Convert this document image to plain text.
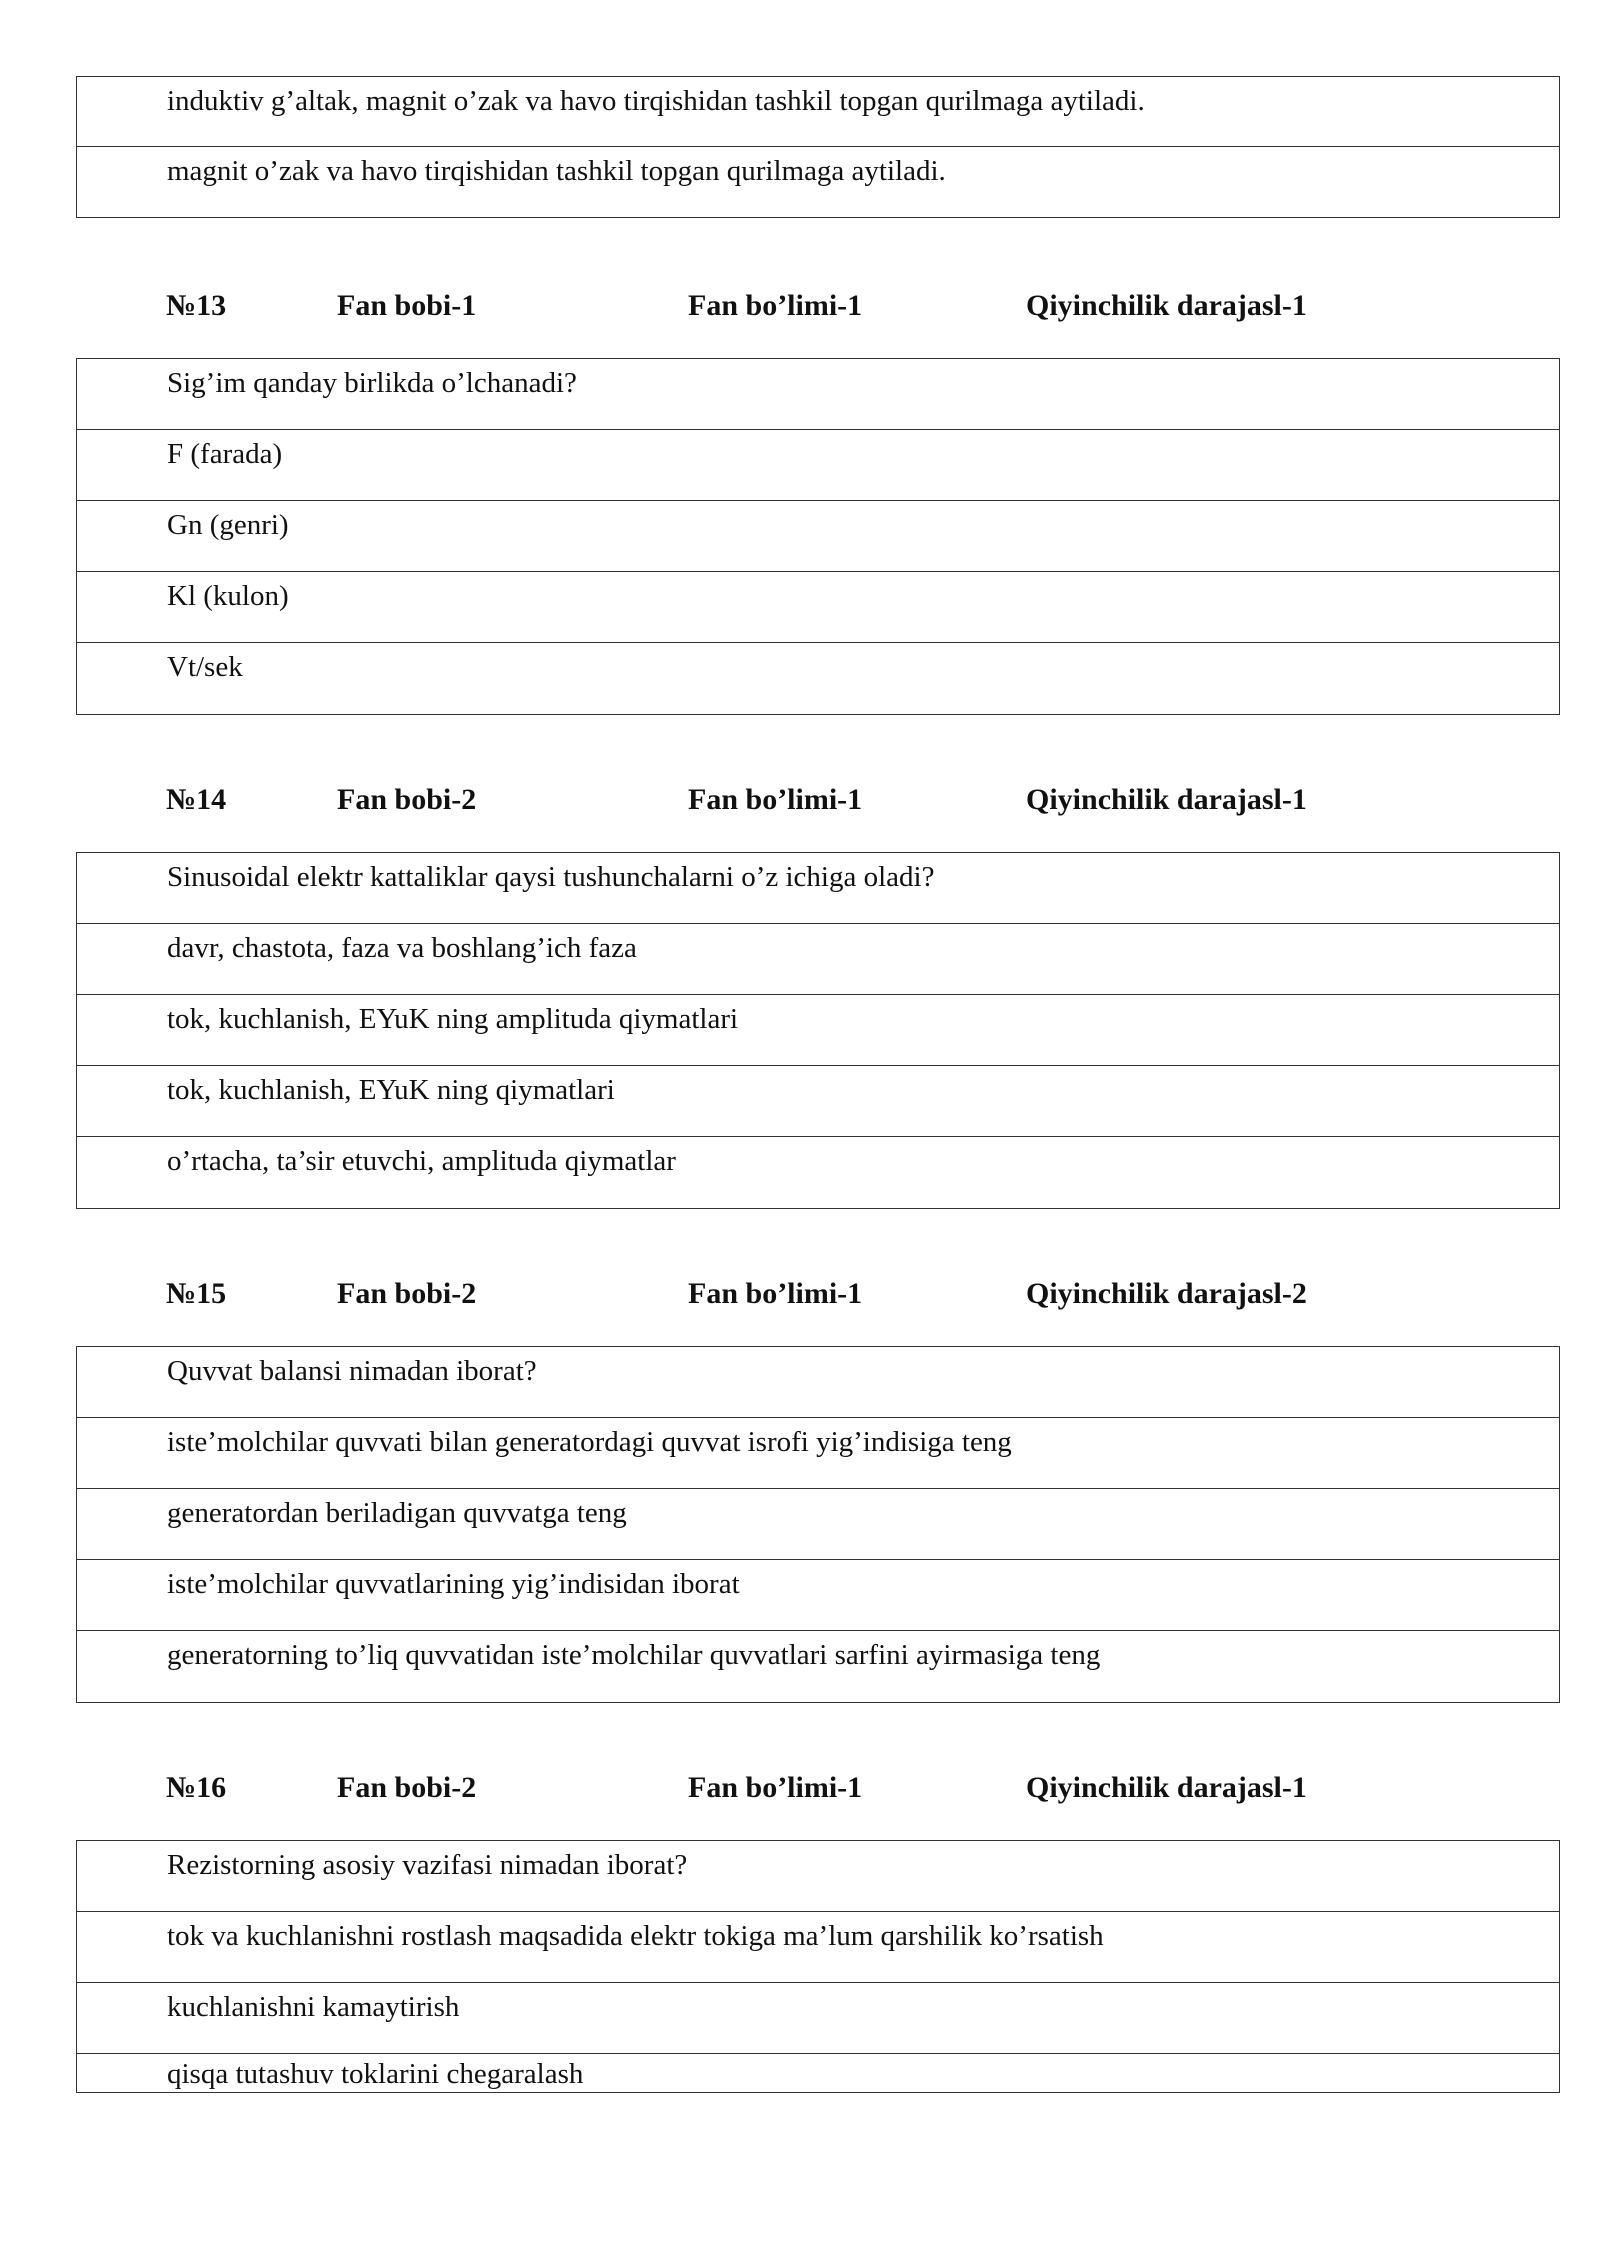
induktiv g’altak, magnit o’zak va havo tirqishidan tashkil topgan qurilmaga aytiladi.
magnit o’zak va havo tirqishidan tashkil topgan qurilmaga aytiladi.
№13	Fan bobi-1	Fan bo’limi-1	Qiyinchilik darajasl-1
Sig’im qanday birlikda o’lchanadi?
F (farada)
Gn (genri)
Kl (kulon)
Vt/sek
№14	Fan bobi-2	Fan bo’limi-1	Qiyinchilik darajasl-1
Sinusoidal elektr kattaliklar qaysi tushunchalarni o’z ichiga oladi?
davr, chastota, faza va boshlang’ich faza
tok, kuchlanish, EYuK ning amplituda qiymatlari
tok, kuchlanish, EYuK ning qiymatlari
o’rtacha, ta’sir etuvchi, amplituda qiymatlar
№15	Fan bobi-2	Fan bo’limi-1	Qiyinchilik darajasl-2
Quvvat balansi nimadan iborat?
iste’molchilar quvvati bilan generatordagi quvvat isrofi yig’indisiga teng
generatordan beriladigan quvvatga teng
iste’molchilar quvvatlarining yig’indisidan iborat
generatorning to’liq quvvatidan iste’molchilar quvvatlari sarfini ayirmasiga teng
№16	Fan bobi-2	Fan bo’limi-1	Qiyinchilik darajasl-1
Rezistorning asosiy vazifasi nimadan iborat?
tok va kuchlanishni rostlash maqsadida elektr tokiga ma’lum qarshilik ko’rsatish
kuchlanishni kamaytirish
qisqa tutashuv toklarini chegaralash
